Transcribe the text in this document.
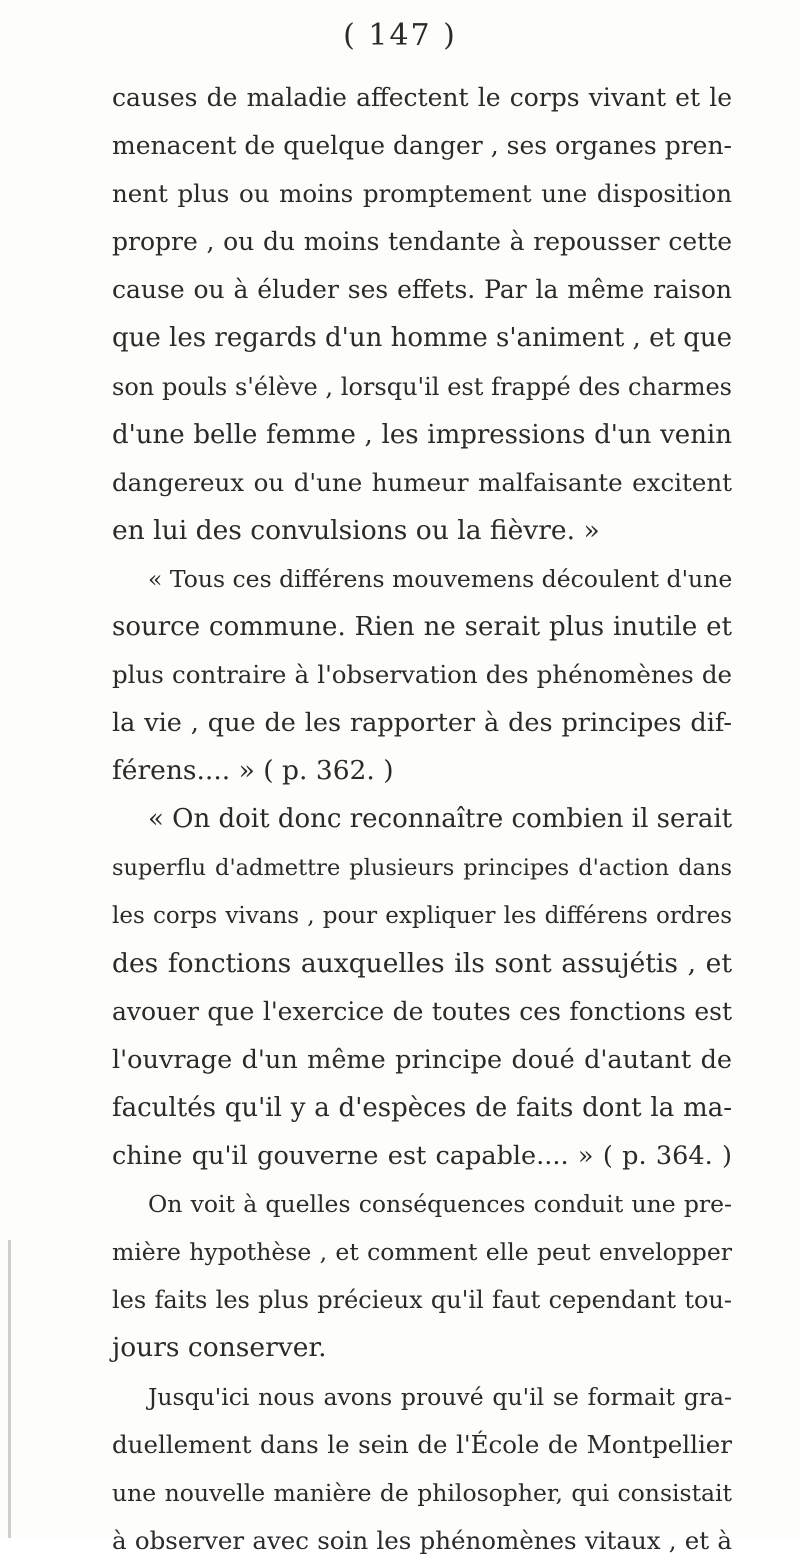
( 147 )
causes de maladie affectent le corps vivant et le
menacent de quelque danger , ses organes pren-
nent plus ou moins promptement une disposition
propre , ou du moins tendante à repousser cette
cause ou à éluder ses effets. Par la même raison
que les regards d'un homme s'animent , et que
son pouls s'élève , lorsqu'il est frappé des charmes
d'une belle femme , les impressions d'un venin
dangereux ou d'une humeur malfaisante excitent
en lui des convulsions ou la fièvre. »
« Tous ces différens mouvemens découlent d'une
source commune. Rien ne serait plus inutile et
plus contraire à l'observation des phénomènes de
la vie , que de les rapporter à des principes dif-
férens.... » ( p. 362. )
« On doit donc reconnaître combien il serait
superflu d'admettre plusieurs principes d'action dans
les corps vivans , pour expliquer les différens ordres
des fonctions auxquelles ils sont assujétis , et
avouer que l'exercice de toutes ces fonctions est
l'ouvrage d'un même principe doué d'autant de
facultés qu'il y a d'espèces de faits dont la ma-
chine qu'il gouverne est capable.... » ( p. 364. )
On voit à quelles conséquences conduit une pre-
mière hypothèse , et comment elle peut envelopper
les faits les plus précieux qu'il faut cependant tou-
jours conserver.
Jusqu'ici nous avons prouvé qu'il se formait gra-
duellement dans le sein de l'École de Montpellier
une nouvelle manière de philosopher, qui consistait
à observer avec soin les phénomènes vitaux , et à
